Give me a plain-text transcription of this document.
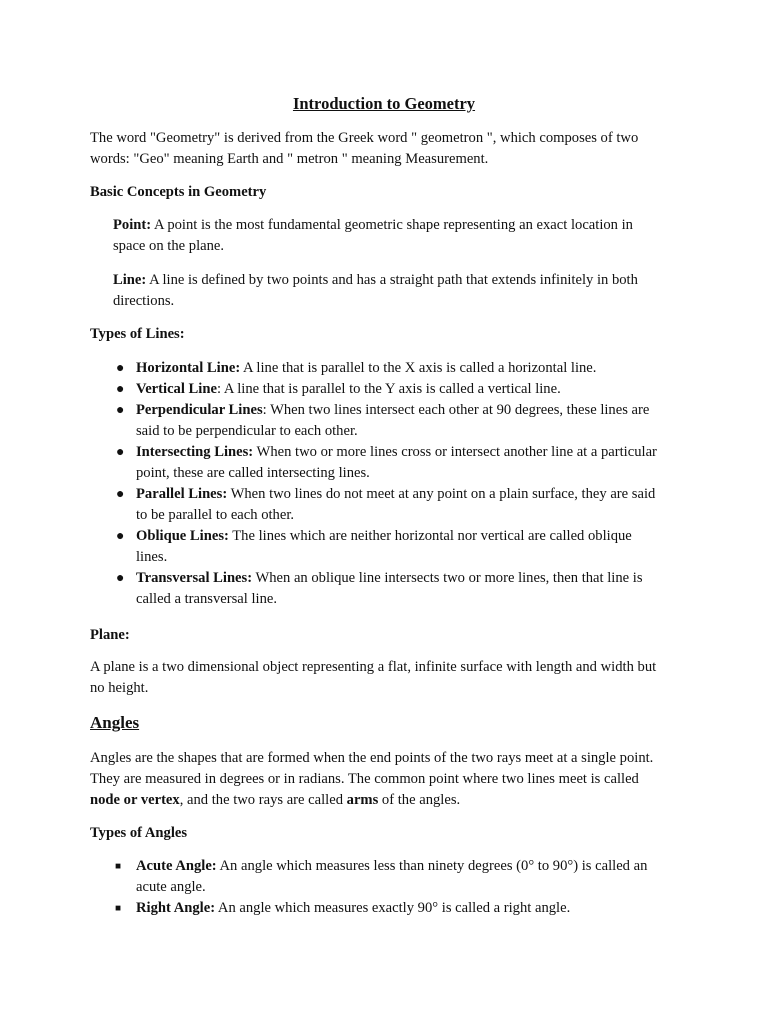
Introduction to Geometry

The word "Geometry" is derived from the Greek word " geometron ", which composes of two
words: "Geo" meaning Earth and " metron " meaning Measurement.

Basic Concepts in Geometry

Point: A point is the most fundamental geometric shape representing an exact location in
space on the plane.

Line: A line is defined by two points and has a straight path that extends infinitely in both
directions.

Types of Lines:

● Horizontal Line: A line that is parallel to the X axis is called a horizontal line.
● Vertical Line: A line that is parallel to the Y axis is called a vertical line.
● Perpendicular Lines: When two lines intersect each other at 90 degrees, these lines are
said to be perpendicular to each other.
● Intersecting Lines: When two or more lines cross or intersect another line at a particular
point, these are called intersecting lines.
● Parallel Lines: When two lines do not meet at any point on a plain surface, they are said
to be parallel to each other.
● Oblique Lines: The lines which are neither horizontal nor vertical are called oblique
lines.
● Transversal Lines: When an oblique line intersects two or more lines, then that line is
called a transversal line.

Plane:

A plane is a two dimensional object representing a flat, infinite surface with length and width but
no height.

Angles

Angles are the shapes that are formed when the end points of the two rays meet at a single point.
They are measured in degrees or in radians. The common point where two lines meet is called
node or vertex, and the two rays are called arms of the angles.

Types of Angles

■ Acute Angle: An angle which measures less than ninety degrees (0° to 90°) is called an
acute angle.
■ Right Angle: An angle which measures exactly 90° is called a right angle.
